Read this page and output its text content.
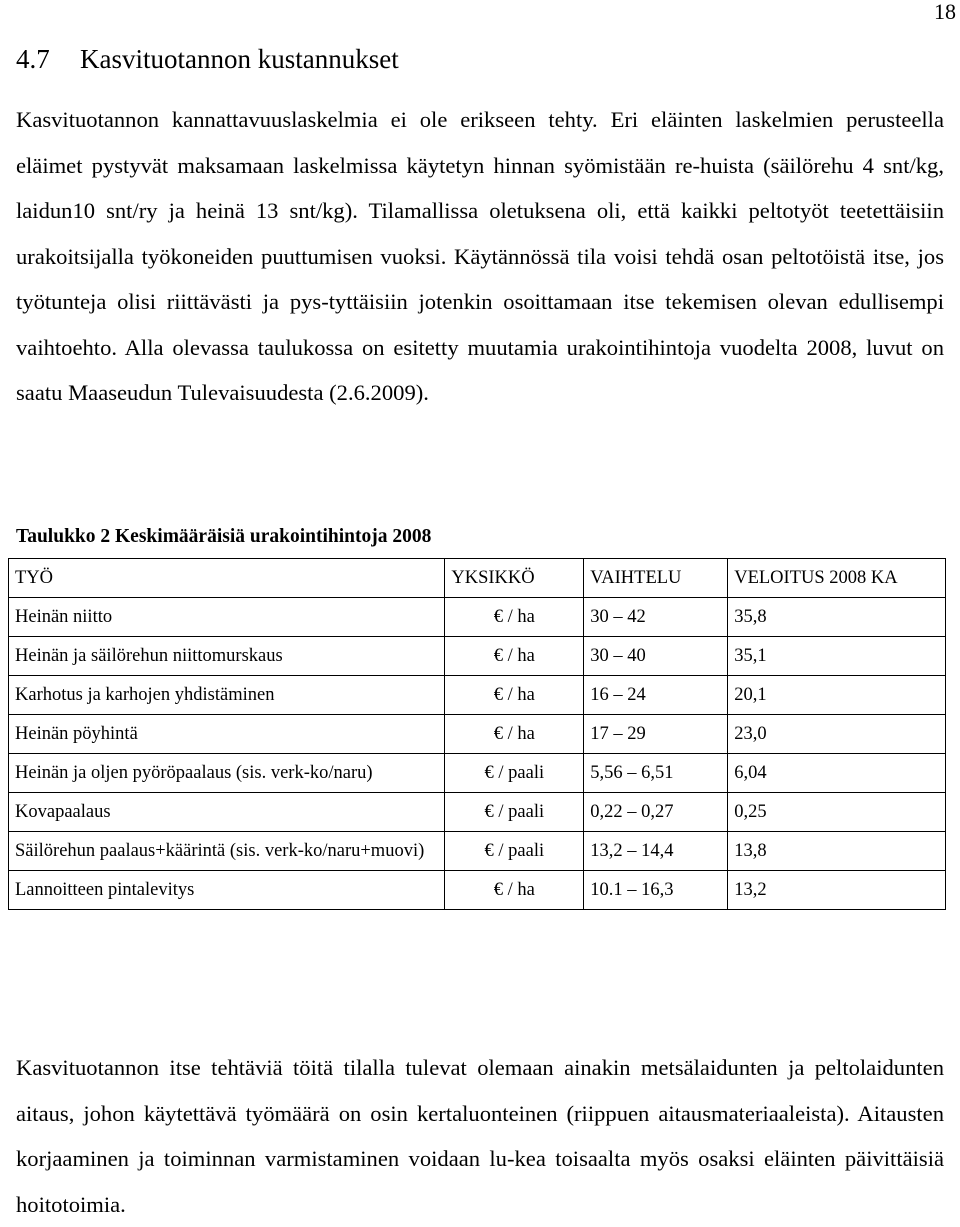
18
4.7 Kasvituotannon kustannukset

Kasvituotannon kannattavuuslaskelmia ei ole erikseen tehty. Eri eläinten laskelmien perusteella eläimet pystyvät maksamaan laskelmissa käytetyn hinnan syömistään re-huista (säilörehu 4 snt/kg, laidun10 snt/ry ja heinä 13 snt/kg). Tilamallissa oletuksena oli, että kaikki peltotyöt teetettäisiin urakoitsijalla työkoneiden puuttumisen vuoksi. Käytännössä tila voisi tehdä osan peltotöistä itse, jos työtunteja olisi riittävästi ja pys-tyttäisiin jotenkin osoittamaan itse tekemisen olevan edullisempi vaihtoehto. Alla olevassa taulukossa on esitetty muutamia urakointihintoja vuodelta 2008, luvut on saatu Maaseudun Tulevaisuudesta (2.6.2009).

Taulukko 2 Keskimääräisiä urakointihintoja 2008

TYÖ	YKSIKKÖ	VAIHTELU	VELOITUS 2008 KA
Heinän niitto	€ / ha	30 – 42	35,8
Heinän ja säilörehun niittomurskaus	€ / ha	30 – 40	35,1
Karhotus ja karhojen yhdistäminen	€ / ha	16 – 24	20,1
Heinän pöyhintä	€ / ha	17 – 29	23,0
Heinän ja oljen pyöröpaalaus (sis. verk-ko/naru)	€ / paali	5,56 – 6,51	6,04
Kovapaalaus	€ / paali	0,22 – 0,27	0,25
Säilörehun paalaus+käärintä (sis. verk-ko/naru+muovi)	€ / paali	13,2 – 14,4	13,8
Lannoitteen pintalevitys	€ / ha	10.1 – 16,3	13,2

Kasvituotannon itse tehtäviä töitä tilalla tulevat olemaan ainakin metsälaidunten ja peltolaidunten aitaus, johon käytettävä työmäärä on osin kertaluonteinen (riippuen aitausmateriaaleista). Aitausten korjaaminen ja toiminnan varmistaminen voidaan lu-kea toisaalta myös osaksi eläinten päivittäisiä hoitotoimia.
